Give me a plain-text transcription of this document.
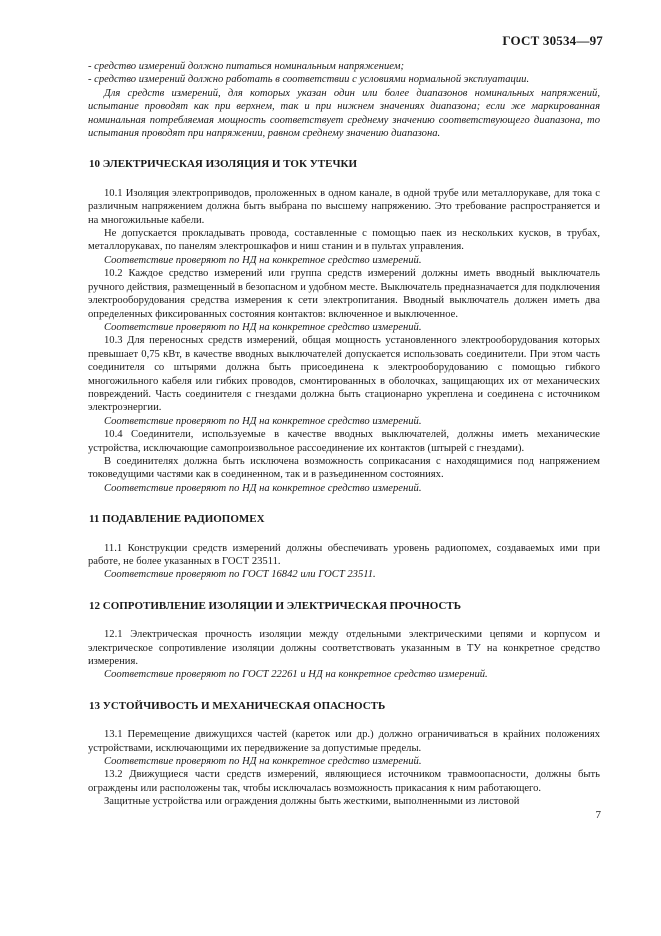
ГОСТ 30534—97

- средство измерений должно питаться номинальным напряжением;

- средство измерений должно работать в соответствии с условиями нормальной эксплуатации.

Для средств измерений, для которых указан один или более диапазонов номинальных напряжений, испытание проводят как при верхнем, так и при нижнем значениях диапазона; если же маркированная номинальная потребляемая мощность соответствует среднему значению соответствующего диапазона, то испытания проводят при напряжении, равном среднему значению диапазона.

10 ЭЛЕКТРИЧЕСКАЯ ИЗОЛЯЦИЯ И ТОК УТЕЧКИ

10.1 Изоляция электроприводов, проложенных в одном канале, в одной трубе или металлорукаве, для тока с различным напряжением должна быть выбрана по высшему напряжению. Это требование распространяется и на многожильные кабели.

Не допускается прокладывать провода, составленные с помощью паек из нескольких кусков, в трубах, металлорукавах, по панелям электрошкафов и ниш станин и в пультах управления.

Соответствие проверяют по НД на конкретное средство измерений.

10.2 Каждое средство измерений или группа средств измерений должны иметь вводный выключатель ручного действия, размещенный в безопасном и удобном месте. Выключатель предназначается для подключения электрооборудования средства измерения к сети электропитания. Вводный выключатель должен иметь два определенных фиксированных состояния контактов: включенное и выключенное.

Соответствие проверяют по НД на конкретное средство измерений.

10.3 Для переносных средств измерений, общая мощность установленного электрооборудования которых превышает 0,75 кВт, в качестве вводных выключателей допускается использовать соединители. При этом часть соединителя со штырями должна быть присоединена к электрооборудованию с помощью гибкого многожильного кабеля или гибких проводов, смонтированных в оболочках, защищающих их от механических повреждений. Часть соединителя с гнездами должна быть стационарно укреплена и соединена с источником электроэнергии.

Соответствие проверяют по НД на конкретное средство измерений.

10.4 Соединители, используемые в качестве вводных выключателей, должны иметь механические устройства, исключающие самопроизвольное рассоединение их контактов (штырей с гнездами).

В соединителях должна быть исключена возможность соприкасания с находящимися под напряжением токоведущими частями как в соединенном, так и в разъединенном состояниях.

Соответствие проверяют по НД на конкретное средство измерений.

11 ПОДАВЛЕНИЕ РАДИОПОМЕХ

11.1 Конструкции средств измерений должны обеспечивать уровень радиопомех, создаваемых ими при работе, не более указанных в ГОСТ 23511.

Соответствие проверяют по ГОСТ 16842 или ГОСТ 23511.

12 СОПРОТИВЛЕНИЕ ИЗОЛЯЦИИ И ЭЛЕКТРИЧЕСКАЯ ПРОЧНОСТЬ

12.1 Электрическая прочность изоляции между отдельными электрическими цепями и корпусом и электрическое сопротивление изоляции должны соответствовать указанным в ТУ на конкретное средство измерения.

Соответствие проверяют по ГОСТ 22261 и НД на конкретное средство измерений.

13 УСТОЙЧИВОСТЬ И МЕХАНИЧЕСКАЯ ОПАСНОСТЬ

13.1 Перемещение движущихся частей (кареток или др.) должно ограничиваться в крайних положениях устройствами, исключающими их передвижение за допустимые пределы.

Соответствие проверяют по НД на конкретное средство измерений.

13.2 Движущиеся части средств измерений, являющиеся источником травмоопасности, должны быть ограждены или расположены так, чтобы исключалась возможность прикасания к ним работающего.

Защитные устройства или ограждения должны быть жесткими, выполненными из листовой

7
